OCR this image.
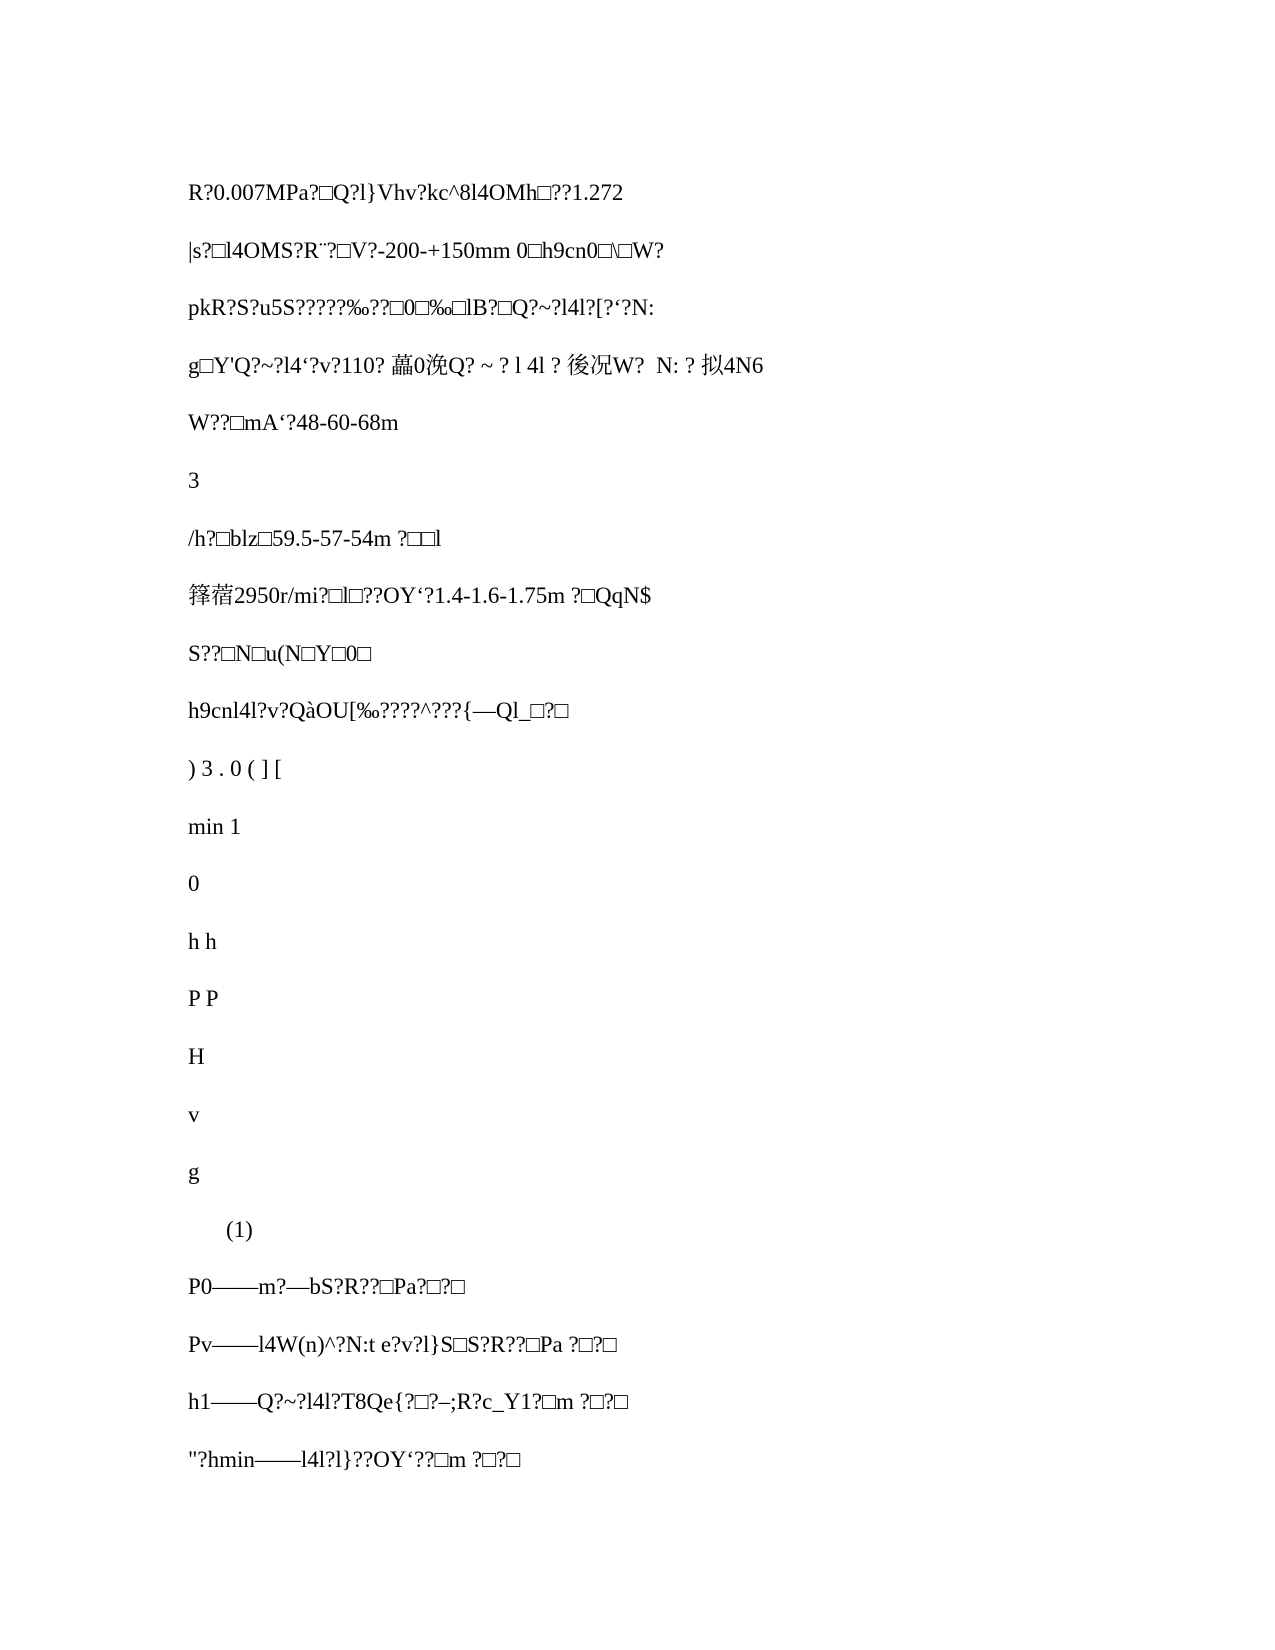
R?0.007MPa?□Q?l}Vhv?kc^8l4OMh□??1.272
|s?□l4OMS?R¨?□V?-200-+150mm 0□h9cn0□\□W?
pkR?S?u5S?????‰??□0□‰□lB?□Q?~?l4l?[?‘?N:
g□Y'Q?~?l4‘?v?110? 藟0浼Q? ~ ? l 4l ? 後况W?  N: ? 拟4N6
W??□mA‘?48-60-68m
3
/h?□blz□59.5-57-54m ?□□l
箨蓿2950r/mi?□l□??OY‘?1.4-1.6-1.75m ?□QqN$
S??□N□u(N□Y□0□
h9cnl4l?v?QàOU[‰????^???{—Ql_□?□
) 3 . 0 ( ] [
min 1
0
h h
P P
H
v
g
(1)
P0——m?—bS?R??□Pa?□?□
Pv——l4W(n)^?N:t e?v?l}S□S?R??□Pa ?□?□
h1——Q?~?l4l?T8Qe{?□?–;R?c_Y1?□m ?□?□
"?hmin——l4l?l}??OY‘??□m ?□?□
